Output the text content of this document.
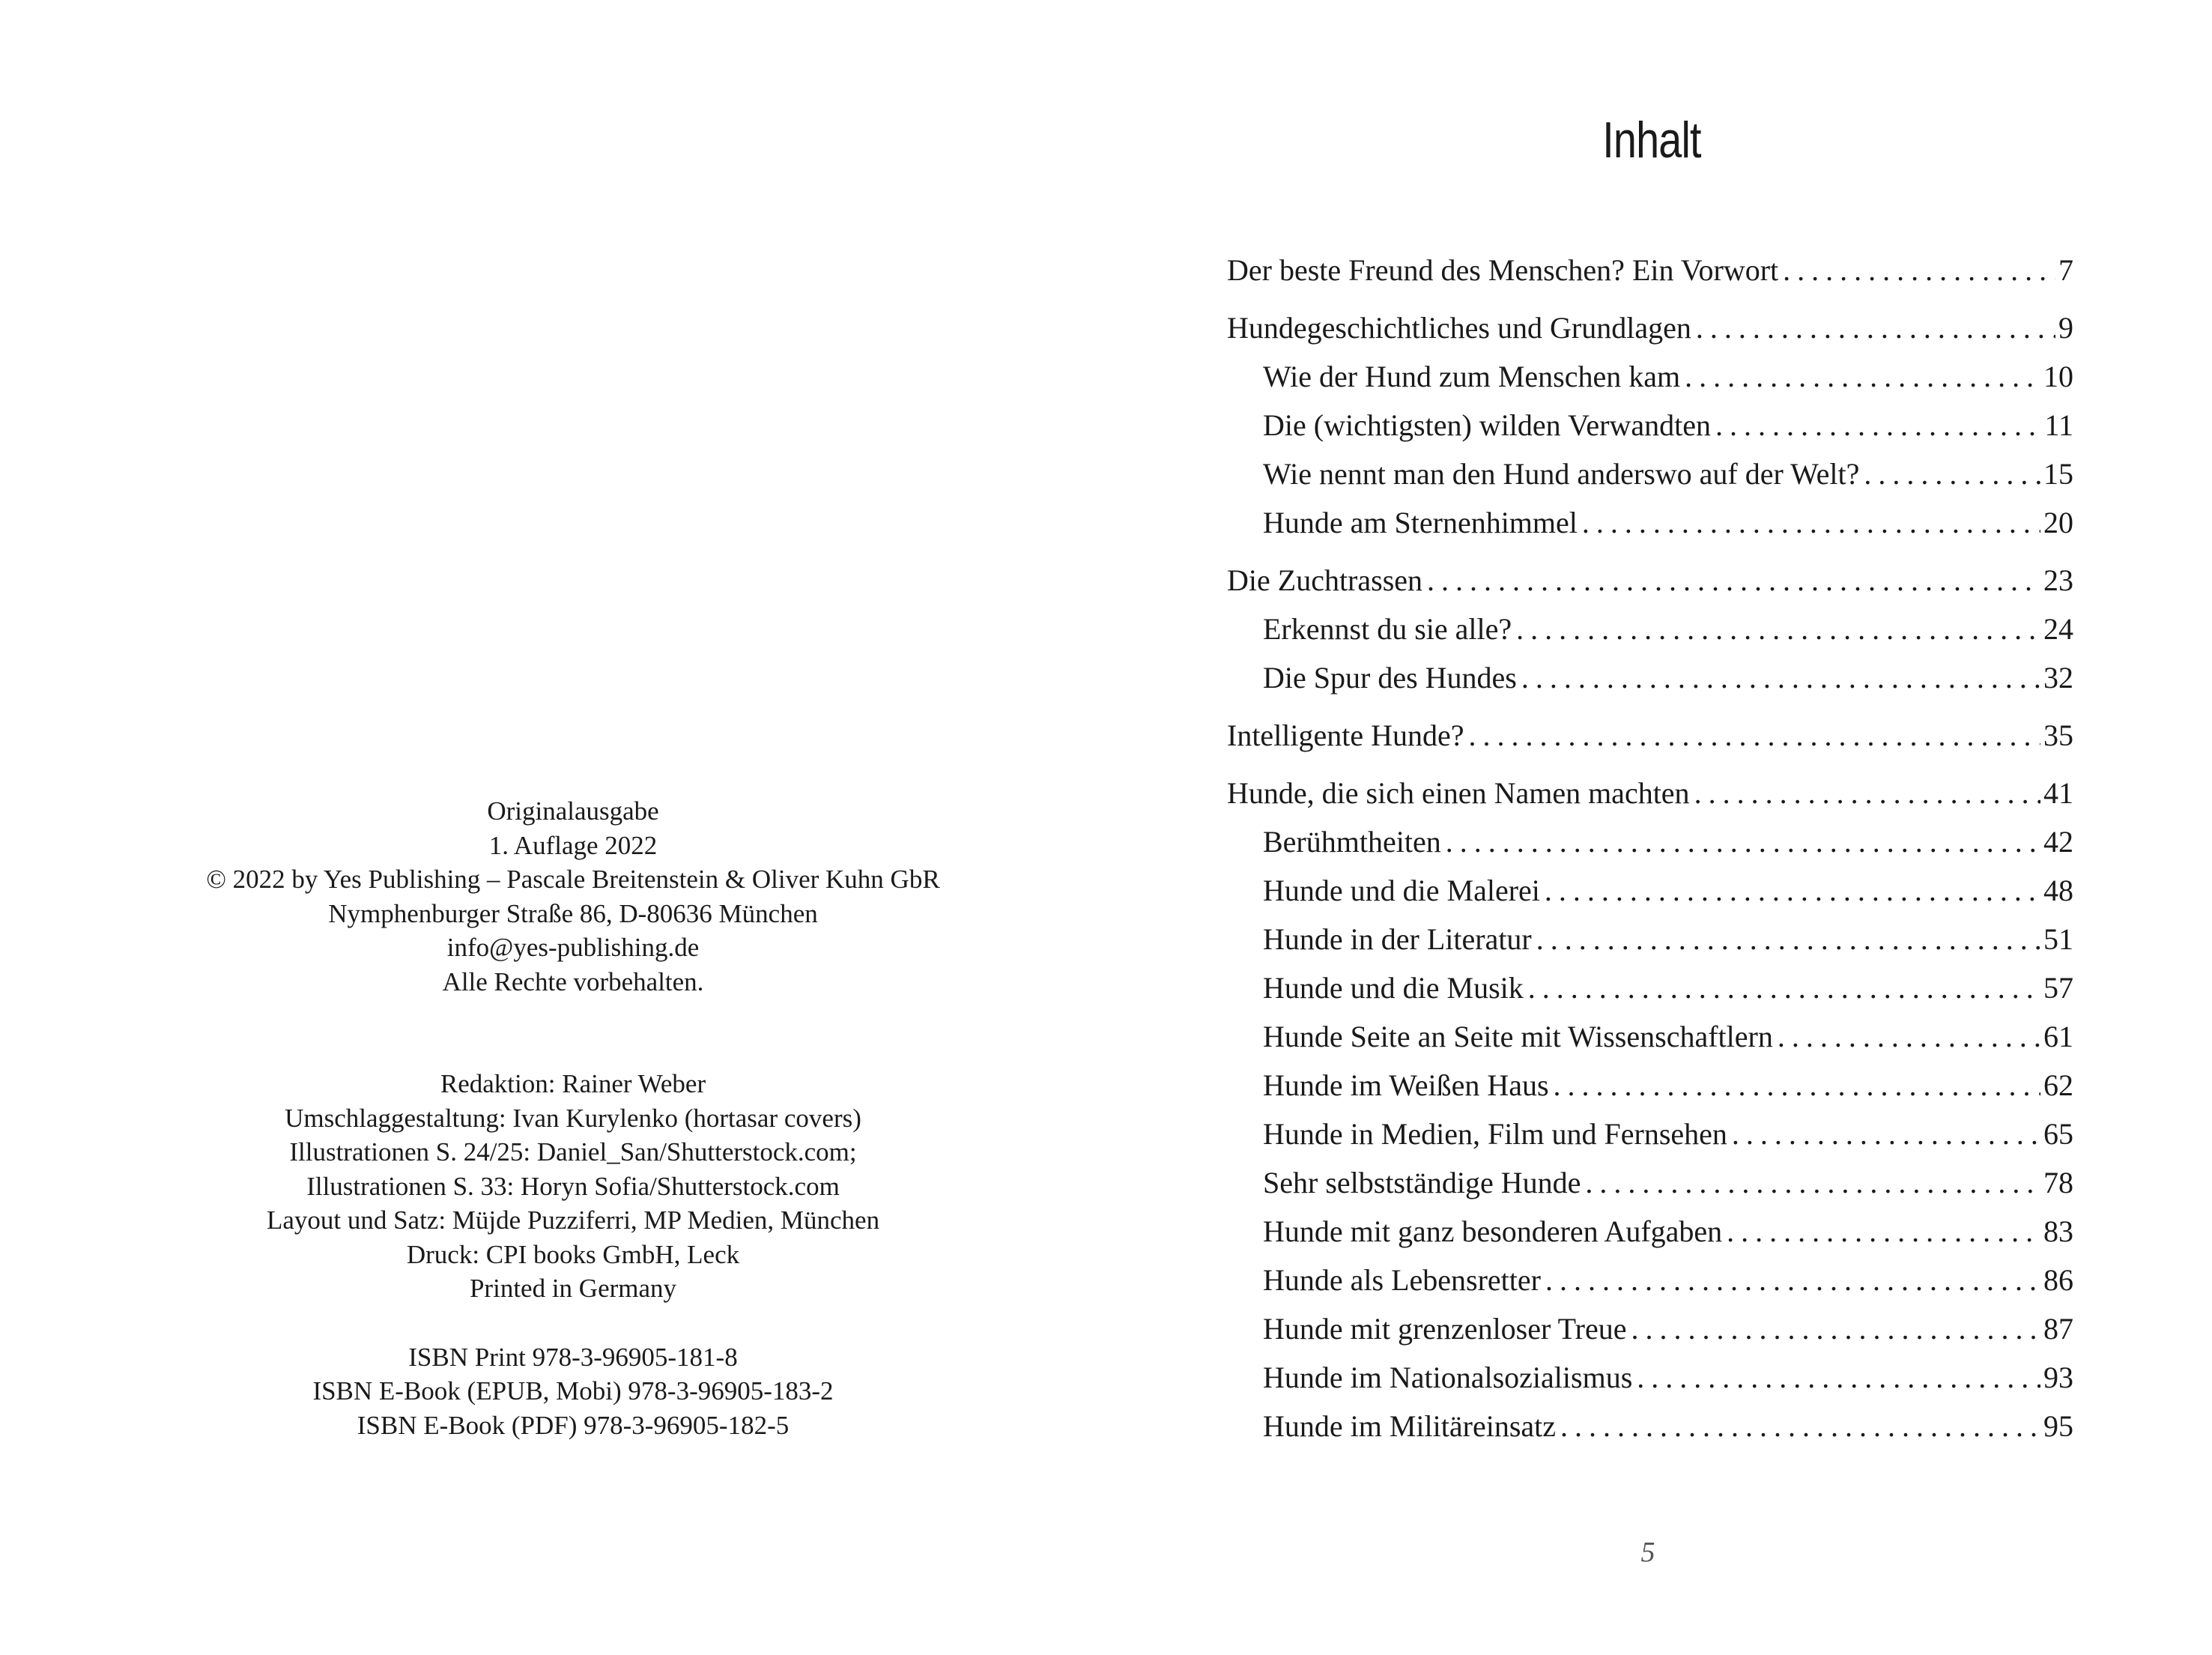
Originalausgabe
1. Auflage 2022
© 2022 by Yes Publishing – Pascale Breitenstein & Oliver Kuhn GbR
Nymphenburger Straße 86, D-80636 München
info@yes-publishing.de
Alle Rechte vorbehalten.
Redaktion: Rainer Weber
Umschlaggestaltung: Ivan Kurylenko (hortasar covers)
Illustrationen S. 24/25: Daniel_San/Shutterstock.com;
Illustrationen S. 33: Horyn Sofia/Shutterstock.com
Layout und Satz: Müjde Puzziferri, MP Medien, München
Druck: CPI books GmbH, Leck
Printed in Germany
ISBN Print 978-3-96905-181-8
ISBN E-Book (EPUB, Mobi) 978-3-96905-183-2
ISBN E-Book (PDF) 978-3-96905-182-5
Inhalt
Der beste Freund des Menschen? Ein Vorwort .....	7
Hundegeschichtliches und Grundlagen .....	9
Wie der Hund zum Menschen kam .....	10
Die (wichtigsten) wilden Verwandten .....	11
Wie nennt man den Hund anderswo auf der Welt? .....	15
Hunde am Sternenhimmel .....	20
Die Zuchtrassen .....	23
Erkennst du sie alle? .....	24
Die Spur des Hundes .....	32
Intelligente Hunde? .....	35
Hunde, die sich einen Namen machten .....	41
Berühmtheiten .....	42
Hunde und die Malerei .....	48
Hunde in der Literatur .....	51
Hunde und die Musik .....	57
Hunde Seite an Seite mit Wissenschaftlern .....	61
Hunde im Weißen Haus .....	62
Hunde in Medien, Film und Fernsehen .....	65
Sehr selbstständige Hunde .....	78
Hunde mit ganz besonderen Aufgaben .....	83
Hunde als Lebensretter .....	86
Hunde mit grenzenloser Treue .....	87
Hunde im Nationalsozialismus .....	93
Hunde im Militäreinsatz .....	95
5
